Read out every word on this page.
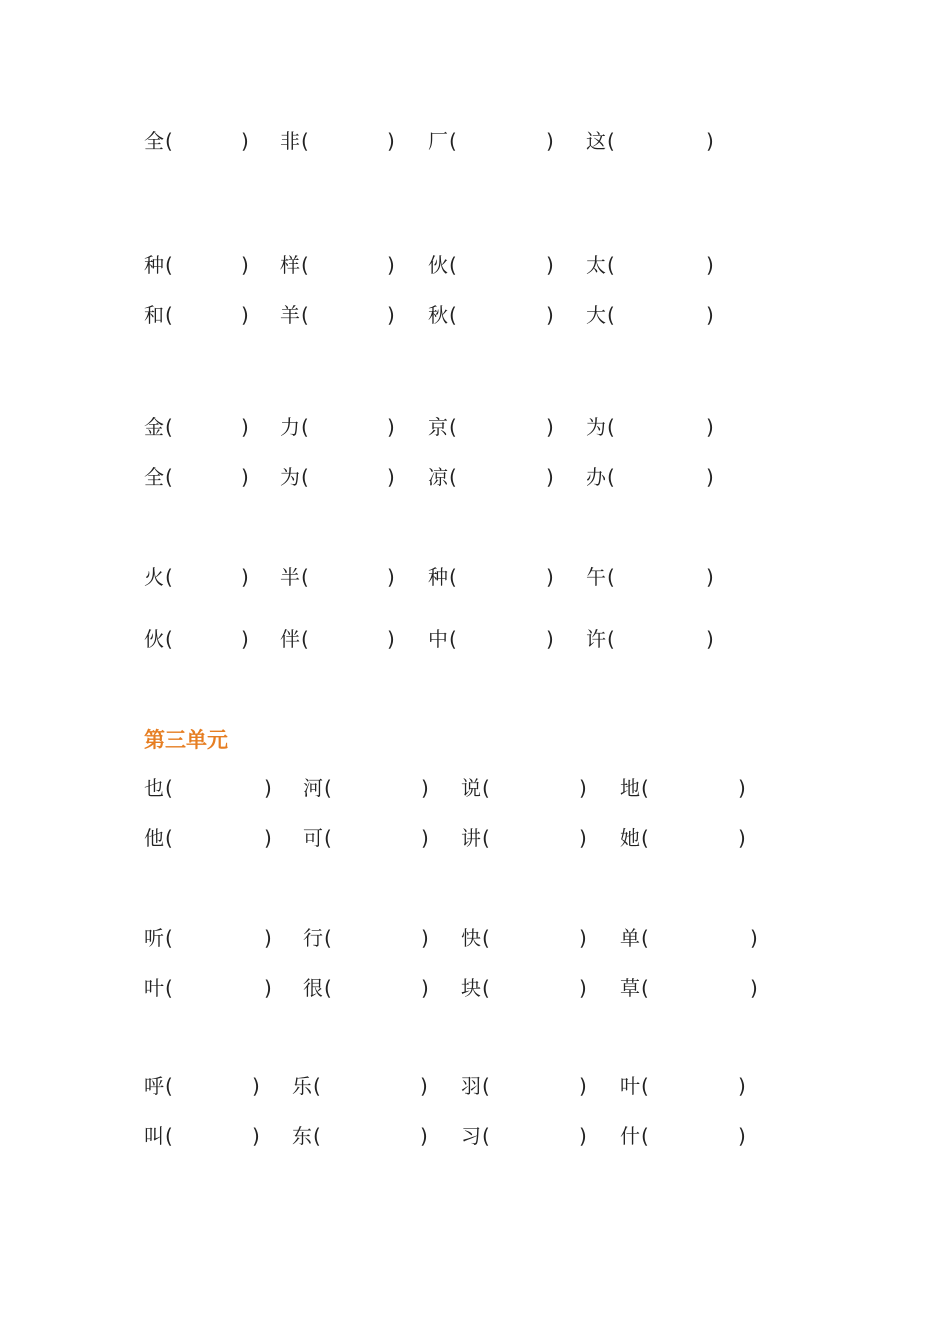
第三单元
全 (	) 非 (	) 厂 (	) 这 (	)
种 (	) 样 (	) 伙 (	) 太 (	)
和 (	) 羊 (	) 秋 (	) 大 (	)
金 (	) 力 (	) 京 (	) 为 (	)
全 (	) 为 (	) 凉 (	) 办 (	)
火 (	) 半 (	) 种 (	) 午 (	)
伙 (	) 伴 (	) 中 (	) 许 (	)
也 (	) 河 (	) 说 (	) 地 (	)
他 (	) 可 (	) 讲 (	) 她 (	)
听 (	) 行 (	) 快 (	) 单 (	)
叶 (	) 很 (	) 块 (	) 草 (	)
呼 (	) 乐 (	) 羽 (	) 叶 (	)
叫 (	) 东 (	) 习 (	) 什 (	)
